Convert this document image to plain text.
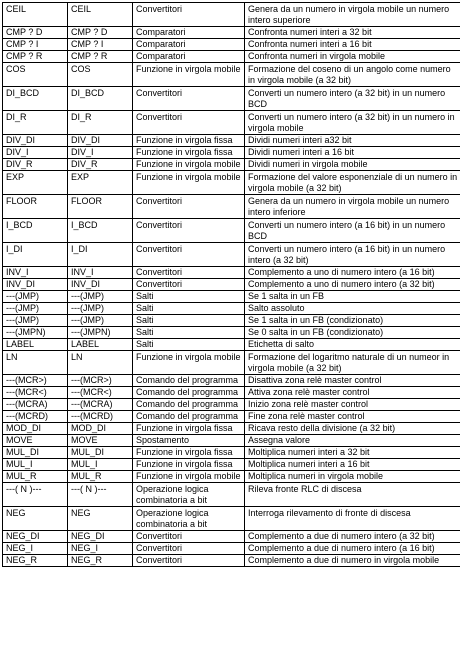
CEIL	CEIL	Convertitori	Genera da un numero in virgola mobile un numero intero superiore
CMP ? D	CMP ? D	Comparatori	Confronta numeri interi a 32 bit
CMP ? I	CMP ? I	Comparatori	Confronta numeri interi a 16 bit
CMP ? R	CMP ? R	Comparatori	Confronta numeri in virgola mobile
COS	COS	Funzione in virgola mobile	Formazione del coseno di un angolo come numero in virgola mobile (a 32 bit)
DI_BCD	DI_BCD	Convertitori	Converti un numero intero (a 32 bit) in un numero BCD
DI_R	DI_R	Convertitori	Converti un numero intero (a 32 bit) in un numero in virgola mobile
DIV_DI	DIV_DI	Funzione in virgola fissa	Dividi numeri interi a32 bit
DIV_I	DIV_I	Funzione in virgola fissa	Dividi numeri interi a 16 bit
DIV_R	DIV_R	Funzione in virgola mobile	Dividi numeri in virgola mobile
EXP	EXP	Funzione in virgola mobile	Formazione del valore esponenziale di un numero in virgola mobile (a 32 bit)
FLOOR	FLOOR	Convertitori	Genera da un numero in virgola mobile un numero intero inferiore
I_BCD	I_BCD	Convertitori	Converti un numero intero (a 16 bit) in un numero BCD
I_DI	I_DI	Convertitori	Converti un numero intero (a 16 bit) in un numero intero (a 32 bit)
INV_I	INV_I	Convertitori	Complemento a uno di numero intero (a 16 bit)
INV_DI	INV_DI	Convertitori	Complemento a uno di numero intero (a 32 bit)
---(JMP)	---(JMP)	Salti	Se 1 salta in un FB
---(JMP)	---(JMP)	Salti	Salto assoluto
---(JMP)	---(JMP)	Salti	Se 1 salta in un FB (condizionato)
---(JMPN)	---(JMPN)	Salti	Se 0 salta in un FB (condizionato)
LABEL	LABEL	Salti	Etichetta di salto
LN	LN	Funzione in virgola mobile	Formazione del logaritmo naturale di un numeor in virgola mobile (a 32 bit)
---(MCR>)	---(MCR>)	Comando del programma	Disattiva zona relè master control
---(MCR<)	---(MCR<)	Comando del programma	Attiva zona relè master control
---(MCRA)	---(MCRA)	Comando del programma	Inizio zona relè master control
---(MCRD)	---(MCRD)	Comando del programma	Fine zona relè master control
MOD_DI	MOD_DI	Funzione in virgola fissa	Ricava resto della divisione (a 32 bit)
MOVE	MOVE	Spostamento	Assegna valore
MUL_DI	MUL_DI	Funzione in virgola fissa	Moltiplica numeri interi a 32 bit
MUL_I	MUL_I	Funzione in virgola fissa	Moltiplica numeri interi a 16 bit
MUL_R	MUL_R	Funzione in virgola mobile	Moltiplica numeri in virgola mobile
---( N )---	---( N )---	Operazione logica combinatoria a bit	Rileva fronte RLC di discesa
NEG	NEG	Operazione logica combinatoria a bit	Interroga rilevamento di fronte di discesa
NEG_DI	NEG_DI	Convertitori	Complemento a due di numero intero (a 32 bit)
NEG_I	NEG_I	Convertitori	Complemento a due di numero intero (a 16 bit)
NEG_R	NEG_R	Convertitori	Complemento a due di numero in virgola mobile
